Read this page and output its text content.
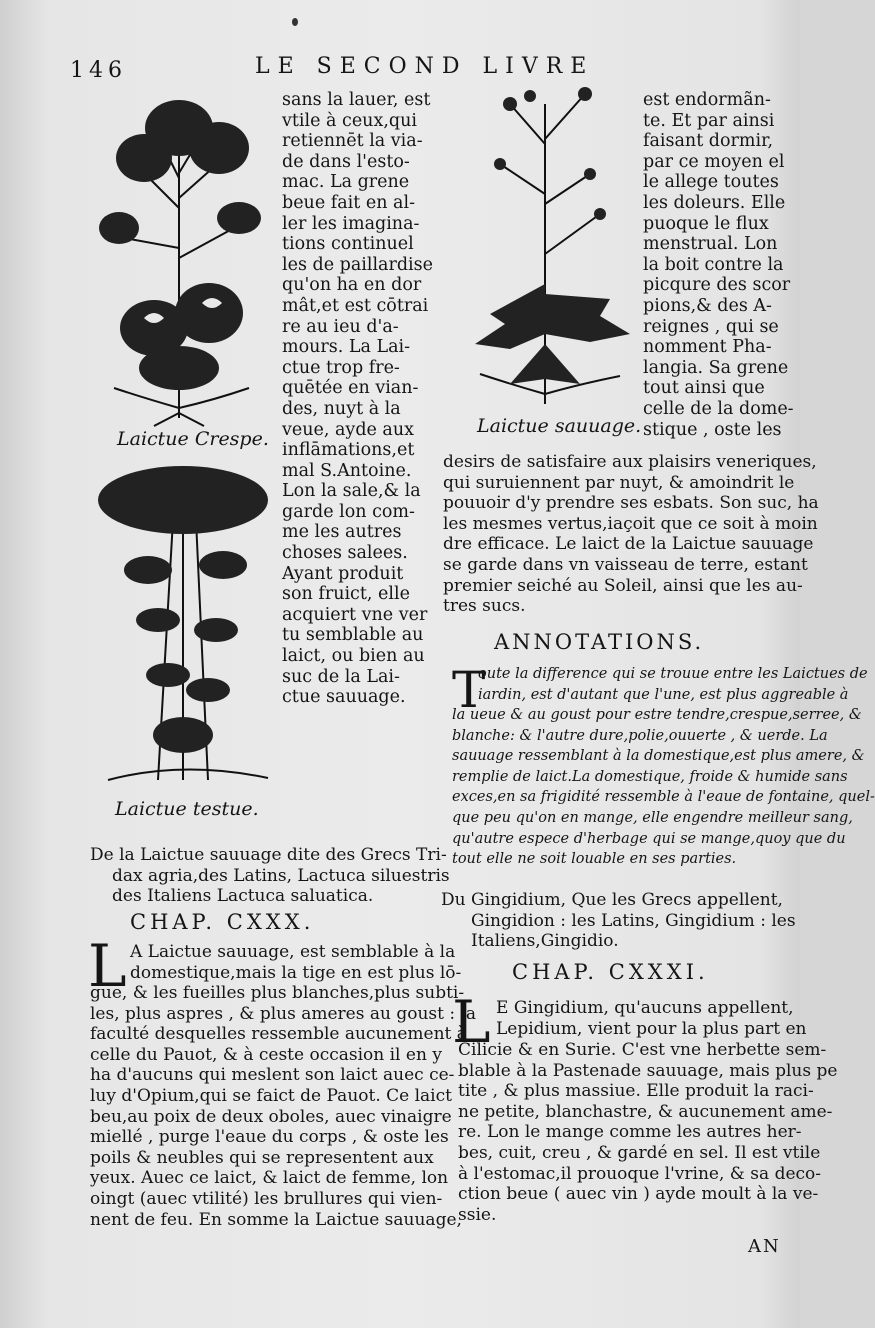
146	LE SECOND LIVRE
Laictue Crespe.
Laictue testue.
sans la lauer, est
vtile à ceux,qui
retiennēt la via-
de dans l'esto-
mac. La grene
beue fait en al-
ler les imagina-
tions continuel
les de paillardise
qu'on ha en dor
mât,et est cōtrai
re au ieu d'a-
mours. La Lai-
ctue trop fre-
quētée en vian-
des, nuyt à la
veue, ayde aux
inflāmations,et
mal S.Antoine.
Lon la sale,& la
garde lon com-
me les autres
choses salees.
Ayant produit
son fruict, elle
acquiert vne ver
tu semblable au
laict, ou bien au
suc de la Lai-
ctue sauuage.
Laictue sauuage.
est endormãn-
te. Et par ainsi
faisant dormir,
par ce moyen el
le allege toutes
les doleurs. Elle
puoque le flux
menstrual. Lon
la boit contre la
picqure des scor
pions,& des A-
reignes , qui se
nomment Pha-
langia. Sa grene
tout ainsi que
celle de la dome-
stique , oste les
desirs de satisfaire aux plaisirs veneriques,
qui suruiennent par nuyt, & amoindrit le
pouuoir d'y prendre ses esbats. Son suc, ha
les mesmes vertus,iaçoit que ce soit à moin
dre efficace. Le laict de la Laictue sauuage
se garde dans vn vaisseau de terre, estant
premier seiché au Soleil, ainsi que les au-
tres sucs.
ANNOTATIONS.
T
oute la difference qui se trouue entre les Laictues de
iardin, est d'autant que l'une, est plus aggreable à
la ueue & au goust pour estre tendre,crespue,serree, &
blanche: & l'autre dure,polie,ouuerte , & uerde. La
sauuage ressemblant à la domestique,est plus amere, &
remplie de laict.La domestique, froide & humide sans
exces,en sa frigidité ressemble à l'eaue de fontaine, quel-
que peu qu'on en mange, elle engendre meilleur sang,
qu'autre espece d'herbage qui se mange,quoy que du
tout elle ne soit louable en ses parties.
De la Laictue sauuage dite des Grecs Tri-
dax agria,des Latins, Lactuca siluestris
des Italiens Lactuca saluatica.
CHAP. CXXX.
L A Laictue sauuage, est semblable à la
domestique,mais la tige en est plus lō-
gue, & les fueilles plus blanches,plus subti-
les, plus aspres , & plus ameres au goust : la
faculté desquelles ressemble aucunement à
celle du Pauot, & à ceste occasion il en y
ha d'aucuns qui meslent son laict auec ce-
luy d'Opium,qui se faict de Pauot. Ce laict
beu,au poix de deux oboles, auec vinaigre
miellé , purge l'eaue du corps , & oste les
poils & neubles qui se representent aux
yeux. Auec ce laict, & laict de femme, lon
oingt (auec vtilité) les brullures qui vien-
nent de feu. En somme la Laictue sauuage,
Du Gingidium, Que les Grecs appellent,
Gingidion : les Latins, Gingidium : les
Italiens,Gingidio.
CHAP. CXXXI.
L E Gingidium, qu'aucuns appellent,
Lepidium, vient pour la plus part en
Cilicie & en Surie. C'est vne herbette sem-
blable à la Pastenade sauuage, mais plus pe
tite , & plus massiue. Elle produit la raci-
ne petite, blanchastre, & aucunement ame-
re. Lon le mange comme les autres her-
bes, cuit, creu , & gardé en sel. Il est vtile
à l'estomac,il prouoque l'vrine, & sa deco-
ction beue ( auec vin ) ayde moult à la ve-
ssie.
AN
